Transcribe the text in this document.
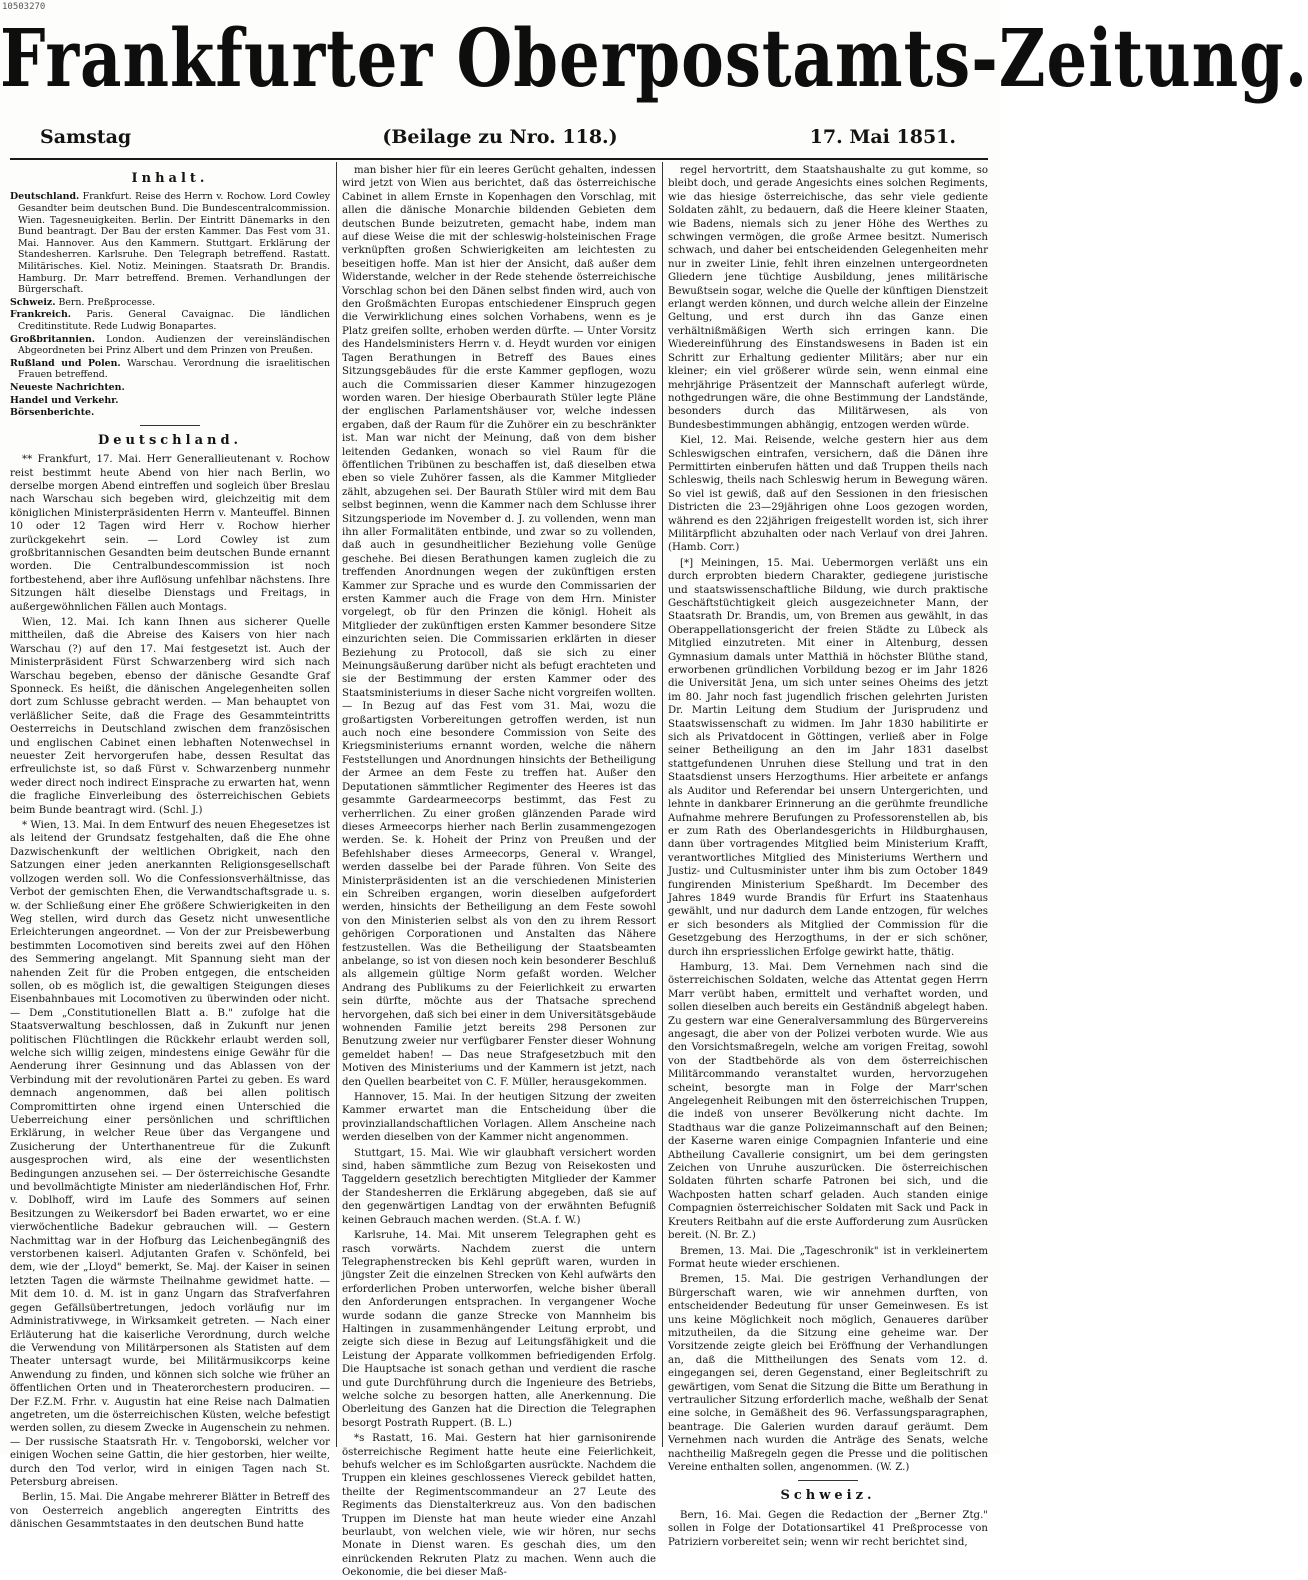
10503270
Frankfurter Oberpostamts-Zeitung.
Samstag	(Beilage zu Nro. 118.)	17. Mai 1851.

Inhalt.

Deutschland. Frankfurt. Reise des Herrn v. Rochow. Lord Cowley Gesandter beim deutschen Bund. Die Bundescentralcommission. Wien. Tagesneuigkeiten. Berlin. Der Eintritt Dänemarks in den Bund beantragt. Der Bau der ersten Kammer. Das Fest vom 31. Mai. Hannover. Aus den Kammern. Stuttgart. Erklärung der Standesherren. Karlsruhe. Den Telegraph betreffend. Rastatt. Militärisches. Kiel. Notiz. Meiningen. Staatsrath Dr. Brandis. Hamburg. Dr. Marr betreffend. Bremen. Verhandlungen der Bürgerschaft.

Schweiz. Bern. Preßprocesse.

Frankreich. Paris. General Cavaignac. Die ländlichen Creditinstitute. Rede Ludwig Bonapartes.

Großbritannien. London. Audienzen der vereinsländischen Abgeordneten bei Prinz Albert und dem Prinzen von Preußen.

Rußland und Polen. Warschau. Verordnung die israelitischen Frauen betreffend.

Neueste Nachrichten.

Handel und Verkehr.

Börsenberichte.

Deutschland.

** Frankfurt, 17. Mai. Herr Generallieutenant v. Rochow reist bestimmt heute Abend von hier nach Berlin, wo derselbe morgen Abend eintreffen und sogleich über Breslau nach Warschau sich begeben wird, gleichzeitig mit dem königlichen Ministerpräsidenten Herrn v. Manteuffel. Binnen 10 oder 12 Tagen wird Herr v. Rochow hierher zurückgekehrt sein. — Lord Cowley ist zum großbritannischen Gesandten beim deutschen Bunde ernannt worden. Die Centralbundescommission ist noch fortbestehend, aber ihre Auflösung unfehlbar nächstens. Ihre Sitzungen hält dieselbe Dienstags und Freitags, in außergewöhnlichen Fällen auch Montags.

Wien, 12. Mai. Ich kann Ihnen aus sicherer Quelle mittheilen, daß die Abreise des Kaisers von hier nach Warschau (?) auf den 17. Mai festgesetzt ist. Auch der Ministerpräsident Fürst Schwarzenberg wird sich nach Warschau begeben, ebenso der dänische Gesandte Graf Sponneck. Es heißt, die dänischen Angelegenheiten sollen dort zum Schlusse gebracht werden. — Man behauptet von verläßlicher Seite, daß die Frage des Gesammteintritts Oesterreichs in Deutschland zwischen dem französischen und englischen Cabinet einen lebhaften Notenwechsel in neuester Zeit hervorgerufen habe, dessen Resultat das erfreulichste ist, so daß Fürst v. Schwarzenberg nunmehr weder direct noch indirect Einsprache zu erwarten hat, wenn die fragliche Einverleibung des österreichischen Gebiets beim Bunde beantragt wird. (Schl. J.)

* Wien, 13. Mai. In dem Entwurf des neuen Ehegesetzes ist als leitend der Grundsatz festgehalten, daß die Ehe ohne Dazwischenkunft der weltlichen Obrigkeit, nach den Satzungen einer jeden anerkannten Religionsgesellschaft vollzogen werden soll. Wo die Confessionsverhältnisse, das Verbot der gemischten Ehen, die Verwandtschaftsgrade u. s. w. der Schließung einer Ehe größere Schwierigkeiten in den Weg stellen, wird durch das Gesetz nicht unwesentliche Erleichterungen angeordnet. — Von der zur Preisbewerbung bestimmten Locomotiven sind bereits zwei auf den Höhen des Semmering angelangt. Mit Spannung sieht man der nahenden Zeit für die Proben entgegen, die entscheiden sollen, ob es möglich ist, die gewaltigen Steigungen dieses Eisenbahnbaues mit Locomotiven zu überwinden oder nicht. — Dem „Constitutionellen Blatt a. B." zufolge hat die Staatsverwaltung beschlossen, daß in Zukunft nur jenen politischen Flüchtlingen die Rückkehr erlaubt werden soll, welche sich willig zeigen, mindestens einige Gewähr für die Aenderung ihrer Gesinnung und das Ablassen von der Verbindung mit der revolutionären Partei zu geben. Es ward demnach angenommen, daß bei allen politisch Compromittirten ohne irgend einen Unterschied die Ueberreichung einer persönlichen und schriftlichen Erklärung, in welcher Reue über das Vergangene und Zusicherung der Unterthanentreue für die Zukunft ausgesprochen wird, als eine der wesentlichsten Bedingungen anzusehen sei. — Der österreichische Gesandte und bevollmächtigte Minister am niederländischen Hof, Frhr. v. Doblhoff, wird im Laufe des Sommers auf seinen Besitzungen zu Weikersdorf bei Baden erwartet, wo er eine vierwöchentliche Badekur gebrauchen will. — Gestern Nachmittag war in der Hofburg das Leichenbegängniß des verstorbenen kaiserl. Adjutanten Grafen v. Schönfeld, bei dem, wie der „Lloyd" bemerkt, Se. Maj. der Kaiser in seinen letzten Tagen die wärmste Theilnahme gewidmet hatte. — Mit dem 10. d. M. ist in ganz Ungarn das Strafverfahren gegen Gefällsübertretungen, jedoch vorläufig nur im Administrativwege, in Wirksamkeit getreten. — Nach einer Erläuterung hat die kaiserliche Verordnung, durch welche die Verwendung von Militärpersonen als Statisten auf dem Theater untersagt wurde, bei Militärmusikcorps keine Anwendung zu finden, und können sich solche wie früher an öffentlichen Orten und in Theaterorchestern produciren. — Der F.Z.M. Frhr. v. Augustin hat eine Reise nach Dalmatien angetreten, um die österreichischen Küsten, welche befestigt werden sollen, zu diesem Zwecke in Augenschein zu nehmen. — Der russische Staatsrath Hr. v. Tengoborski, welcher vor einigen Wochen seine Gattin, die hier gestorben, hier weilte, durch den Tod verlor, wird in einigen Tagen nach St. Petersburg abreisen.

Berlin, 15. Mai. Die Angabe mehrerer Blätter in Betreff des von Oesterreich angeblich angeregten Eintritts des dänischen Gesammtstaates in den deutschen Bund hatte

man bisher hier für ein leeres Gerücht gehalten, indessen wird jetzt von Wien aus berichtet, daß das österreichische Cabinet in allem Ernste in Kopenhagen den Vorschlag, mit allen die dänische Monarchie bildenden Gebieten dem deutschen Bunde beizutreten, gemacht habe, indem man auf diese Weise die mit der schleswig-holsteinischen Frage verknüpften großen Schwierigkeiten am leichtesten zu beseitigen hoffe. Man ist hier der Ansicht, daß außer dem Widerstande, welcher in der Rede stehende österreichische Vorschlag schon bei den Dänen selbst finden wird, auch von den Großmächten Europas entschiedener Einspruch gegen die Verwirklichung eines solchen Vorhabens, wenn es je Platz greifen sollte, erhoben werden dürfte. — Unter Vorsitz des Handelsministers Herrn v. d. Heydt wurden vor einigen Tagen Berathungen in Betreff des Baues eines Sitzungsgebäudes für die erste Kammer gepflogen, wozu auch die Commissarien dieser Kammer hinzugezogen worden waren. Der hiesige Oberbaurath Stüler legte Pläne der englischen Parlamentshäuser vor, welche indessen ergaben, daß der Raum für die Zuhörer ein zu beschränkter ist. Man war nicht der Meinung, daß von dem bisher leitenden Gedanken, wonach so viel Raum für die öffentlichen Tribünen zu beschaffen ist, daß dieselben etwa eben so viele Zuhörer fassen, als die Kammer Mitglieder zählt, abzugehen sei. Der Baurath Stüler wird mit dem Bau selbst beginnen, wenn die Kammer nach dem Schlusse ihrer Sitzungsperiode im November d. J. zu vollenden, wenn man ihn aller Formalitäten entbinde, und zwar so zu vollenden, daß auch in gesundheitlicher Beziehung volle Genüge geschehe. Bei diesen Berathungen kamen zugleich die zu treffenden Anordnungen wegen der zukünftigen ersten Kammer zur Sprache und es wurde den Commissarien der ersten Kammer auch die Frage von dem Hrn. Minister vorgelegt, ob für den Prinzen die königl. Hoheit als Mitglieder der zukünftigen ersten Kammer besondere Sitze einzurichten seien. Die Commissarien erklärten in dieser Beziehung zu Protocoll, daß sie sich zu einer Meinungsäußerung darüber nicht als befugt erachteten und sie der Bestimmung der ersten Kammer oder des Staatsministeriums in dieser Sache nicht vorgreifen wollten. — In Bezug auf das Fest vom 31. Mai, wozu die großartigsten Vorbereitungen getroffen werden, ist nun auch noch eine besondere Commission von Seite des Kriegsministeriums ernannt worden, welche die nähern Feststellungen und Anordnungen hinsichts der Betheiligung der Armee an dem Feste zu treffen hat. Außer den Deputationen sämmtlicher Regimenter des Heeres ist das gesammte Gardearmeecorps bestimmt, das Fest zu verherrlichen. Zu einer großen glänzenden Parade wird dieses Armeecorps hierher nach Berlin zusammengezogen werden. Se. k. Hoheit der Prinz von Preußen und der Befehlshaber dieses Armeecorps, General v. Wrangel, werden dasselbe bei der Parade führen. Von Seite des Ministerpräsidenten ist an die verschiedenen Ministerien ein Schreiben ergangen, worin dieselben aufgefordert werden, hinsichts der Betheiligung an dem Feste sowohl von den Ministerien selbst als von den zu ihrem Ressort gehörigen Corporationen und Anstalten das Nähere festzustellen. Was die Betheiligung der Staatsbeamten anbelange, so ist von diesen noch kein besonderer Beschluß als allgemein gültige Norm gefaßt worden. Welcher Andrang des Publikums zu der Feierlichkeit zu erwarten sein dürfte, möchte aus der Thatsache sprechend hervorgehen, daß sich bei einer in dem Universitätsgebäude wohnenden Familie jetzt bereits 298 Personen zur Benutzung zweier nur verfügbarer Fenster dieser Wohnung gemeldet haben! — Das neue Strafgesetzbuch mit den Motiven des Ministeriums und der Kammern ist jetzt, nach den Quellen bearbeitet von C. F. Müller, herausgekommen.

Hannover, 15. Mai. In der heutigen Sitzung der zweiten Kammer erwartet man die Entscheidung über die provinziallandschaftlichen Vorlagen. Allem Anscheine nach werden dieselben von der Kammer nicht angenommen.

Stuttgart, 15. Mai. Wie wir glaubhaft versichert worden sind, haben sämmtliche zum Bezug von Reisekosten und Taggeldern gesetzlich berechtigten Mitglieder der Kammer der Standesherren die Erklärung abgegeben, daß sie auf den gegenwärtigen Landtag von der erwähnten Befugniß keinen Gebrauch machen werden. (St.A. f. W.)

Karlsruhe, 14. Mai. Mit unserem Telegraphen geht es rasch vorwärts. Nachdem zuerst die untern Telegraphenstrecken bis Kehl geprüft waren, wurden in jüngster Zeit die einzelnen Strecken von Kehl aufwärts den erforderlichen Proben unterworfen, welche bisher überall den Anforderungen entsprachen. In vergangener Woche wurde sodann die ganze Strecke von Mannheim bis Haltingen in zusammenhängender Leitung erprobt, und zeigte sich diese in Bezug auf Leitungsfähigkeit und die Leistung der Apparate vollkommen befriedigenden Erfolg. Die Hauptsache ist sonach gethan und verdient die rasche und gute Durchführung durch die Ingenieure des Betriebs, welche solche zu besorgen hatten, alle Anerkennung. Die Oberleitung des Ganzen hat die Direction die Telegraphen besorgt Postrath Ruppert. (B. L.)

*s Rastatt, 16. Mai. Gestern hat hier garnisonirende österreichische Regiment hatte heute eine Feierlichkeit, behufs welcher es im Schloßgarten ausrückte. Nachdem die Truppen ein kleines geschlossenes Viereck gebildet hatten, theilte der Regimentscommandeur an 27 Leute des Regiments das Dienstalterkreuz aus. Von den badischen Truppen im Dienste hat man heute wieder eine Anzahl beurlaubt, von welchen viele, wie wir hören, nur sechs Monate in Dienst waren. Es geschah dies, um den einrückenden Rekruten Platz zu machen. Wenn auch die Oekonomie, die bei dieser Maß-

regel hervortritt, dem Staatshaushalte zu gut komme, so bleibt doch, und gerade Angesichts eines solchen Regiments, wie das hiesige österreichische, das sehr viele gediente Soldaten zählt, zu bedauern, daß die Heere kleiner Staaten, wie Badens, niemals sich zu jener Höhe des Werthes zu schwingen vermögen, die große Armee besitzt. Numerisch schwach, und daher bei entscheidenden Gelegenheiten mehr nur in zweiter Linie, fehlt ihren einzelnen untergeordneten Gliedern jene tüchtige Ausbildung, jenes militärische Bewußtsein sogar, welche die Quelle der künftigen Dienstzeit erlangt werden können, und durch welche allein der Einzelne Geltung, und erst durch ihn das Ganze einen verhältnißmäßigen Werth sich erringen kann. Die Wiedereinführung des Einstandswesens in Baden ist ein Schritt zur Erhaltung gedienter Militärs; aber nur ein kleiner; ein viel größerer würde sein, wenn einmal eine mehrjährige Präsentzeit der Mannschaft auferlegt würde, nothgedrungen wäre, die ohne Bestimmung der Landstände, besonders durch das Militärwesen, als von Bundesbestimmungen abhängig, entzogen werden würde.

Kiel, 12. Mai. Reisende, welche gestern hier aus dem Schleswigschen eintrafen, versichern, daß die Dänen ihre Permittirten einberufen hätten und daß Truppen theils nach Schleswig, theils nach Schleswig herum in Bewegung wären. So viel ist gewiß, daß auf den Sessionen in den friesischen Districten die 23—29jährigen ohne Loos gezogen worden, während es den 22jährigen freigestellt worden ist, sich ihrer Militärpflicht abzuhalten oder nach Verlauf von drei Jahren. (Hamb. Corr.)

[*] Meiningen, 15. Mai. Uebermorgen verläßt uns ein durch erprobten biedern Charakter, gediegene juristische und staatswissenschaftliche Bildung, wie durch praktische Geschäftstüchtigkeit gleich ausgezeichneter Mann, der Staatsrath Dr. Brandis, um, von Bremen aus gewählt, in das Oberappellationsgericht der freien Städte zu Lübeck als Mitglied einzutreten. Mit einer in Altenburg, dessen Gymnasium damals unter Matthiä in höchster Blüthe stand, erworbenen gründlichen Vorbildung bezog er im Jahr 1826 die Universität Jena, um sich unter seines Oheims des jetzt im 80. Jahr noch fast jugendlich frischen gelehrten Juristen Dr. Martin Leitung dem Studium der Jurisprudenz und Staatswissenschaft zu widmen. Im Jahr 1830 habilitirte er sich als Privatdocent in Göttingen, verließ aber in Folge seiner Betheiligung an den im Jahr 1831 daselbst stattgefundenen Unruhen diese Stellung und trat in den Staatsdienst unsers Herzogthums. Hier arbeitete er anfangs als Auditor und Referendar bei unsern Untergerichten, und lehnte in dankbarer Erinnerung an die gerühmte freundliche Aufnahme mehrere Berufungen zu Professorenstellen ab, bis er zum Rath des Oberlandesgerichts in Hildburghausen, dann über vortragendes Mitglied beim Ministerium Krafft, verantwortliches Mitglied des Ministeriums Werthern und Justiz- und Cultusminister unter ihm bis zum October 1849 fungirenden Ministerium Speßhardt. Im December des Jahres 1849 wurde Brandis für Erfurt ins Staatenhaus gewählt, und nur dadurch dem Lande entzogen, für welches er sich besonders als Mitglied der Commission für die Gesetzgebung des Herzogthums, in der er sich schöner, durch ihn erspriesslichen Erfolge gewirkt hatte, thätig.

Hamburg, 13. Mai. Dem Vernehmen nach sind die österreichischen Soldaten, welche das Attentat gegen Herrn Marr verübt haben, ermittelt und verhaftet worden, und sollen dieselben auch bereits ein Geständniß abgelegt haben. Zu gestern war eine Generalversammlung des Bürgervereins angesagt, die aber von der Polizei verboten wurde. Wie aus den Vorsichtsmaßregeln, welche am vorigen Freitag, sowohl von der Stadtbehörde als von dem österreichischen Militärcommando veranstaltet wurden, hervorzugehen scheint, besorgte man in Folge der Marr'schen Angelegenheit Reibungen mit den österreichischen Truppen, die indeß von unserer Bevölkerung nicht dachte. Im Stadthaus war die ganze Polizeimannschaft auf den Beinen; der Kaserne waren einige Compagnien Infanterie und eine Abtheilung Cavallerie consignirt, um bei dem geringsten Zeichen von Unruhe auszurücken. Die österreichischen Soldaten führten scharfe Patronen bei sich, und die Wachposten hatten scharf geladen. Auch standen einige Compagnien österreichischer Soldaten mit Sack und Pack in Kreuters Reitbahn auf die erste Aufforderung zum Ausrücken bereit. (N. Br. Z.)

Bremen, 13. Mai. Die „Tageschronik" ist in verkleinertem Format heute wieder erschienen.

Bremen, 15. Mai. Die gestrigen Verhandlungen der Bürgerschaft waren, wie wir annehmen durften, von entscheidender Bedeutung für unser Gemeinwesen. Es ist uns keine Möglichkeit noch möglich, Genaueres darüber mitzutheilen, da die Sitzung eine geheime war. Der Vorsitzende zeigte gleich bei Eröffnung der Verhandlungen an, daß die Mittheilungen des Senats vom 12. d. eingegangen sei, deren Gegenstand, einer Begleitschrift zu gewärtigen, vom Senat die Sitzung die Bitte um Berathung in vertraulicher Sitzung erforderlich mache, weßhalb der Senat eine solche, in Gemäßheit des 96. Verfassungsparagraphen, beantrage. Die Galerien wurden darauf geräumt. Dem Vernehmen nach wurden die Anträge des Senats, welche nachtheilig Maßregeln gegen die Presse und die politischen Vereine enthalten sollen, angenommen. (W. Z.)

Schweiz.

Bern, 16. Mai. Gegen die Redaction der „Berner Ztg." sollen in Folge der Dotationsartikel 41 Preßprocesse von Patriziern vorbereitet sein; wenn wir recht berichtet sind,
